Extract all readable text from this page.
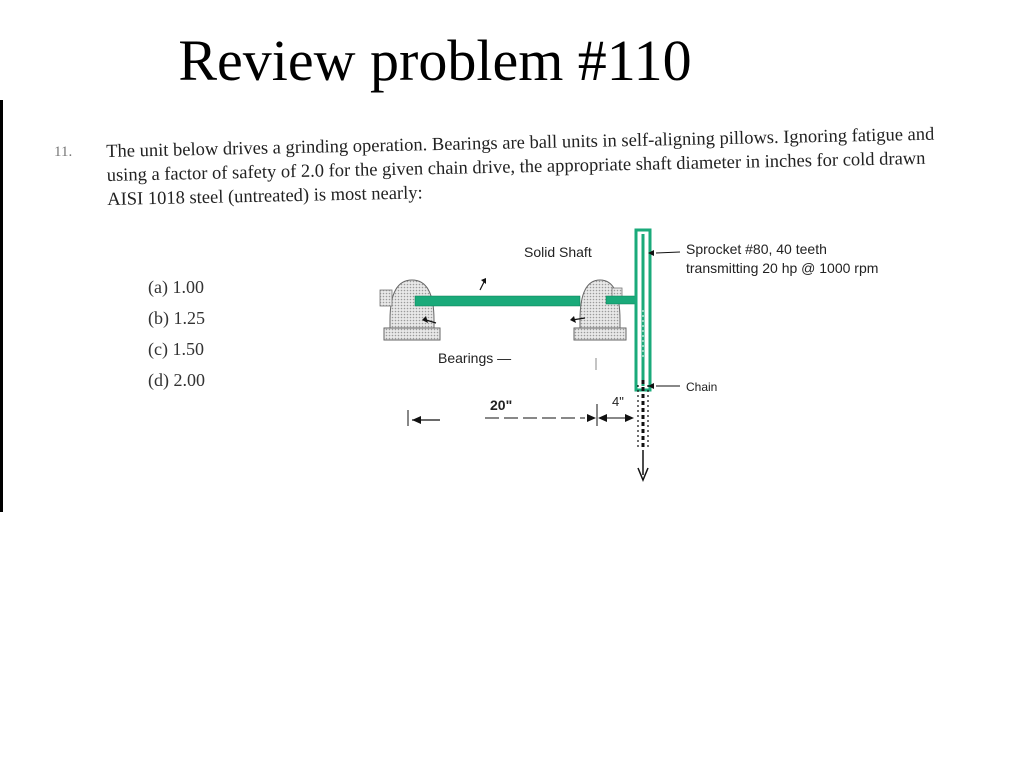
Review problem #110
11. The unit below drives a grinding operation. Bearings are ball units in self-aligning pillows. Ignoring fatigue and using a factor of safety of 2.0 for the given chain drive, the appropriate shaft diameter in inches for cold drawn AISI 1018 steel (untreated) is most nearly:
(a) 1.00
(b) 1.25
(c) 1.50
(d) 2.00
Solid Shaft	Sprocket #80, 40 teeth
transmitting 20 hp @ 1000 rpm
Bearings —
Chain
20"	4"
